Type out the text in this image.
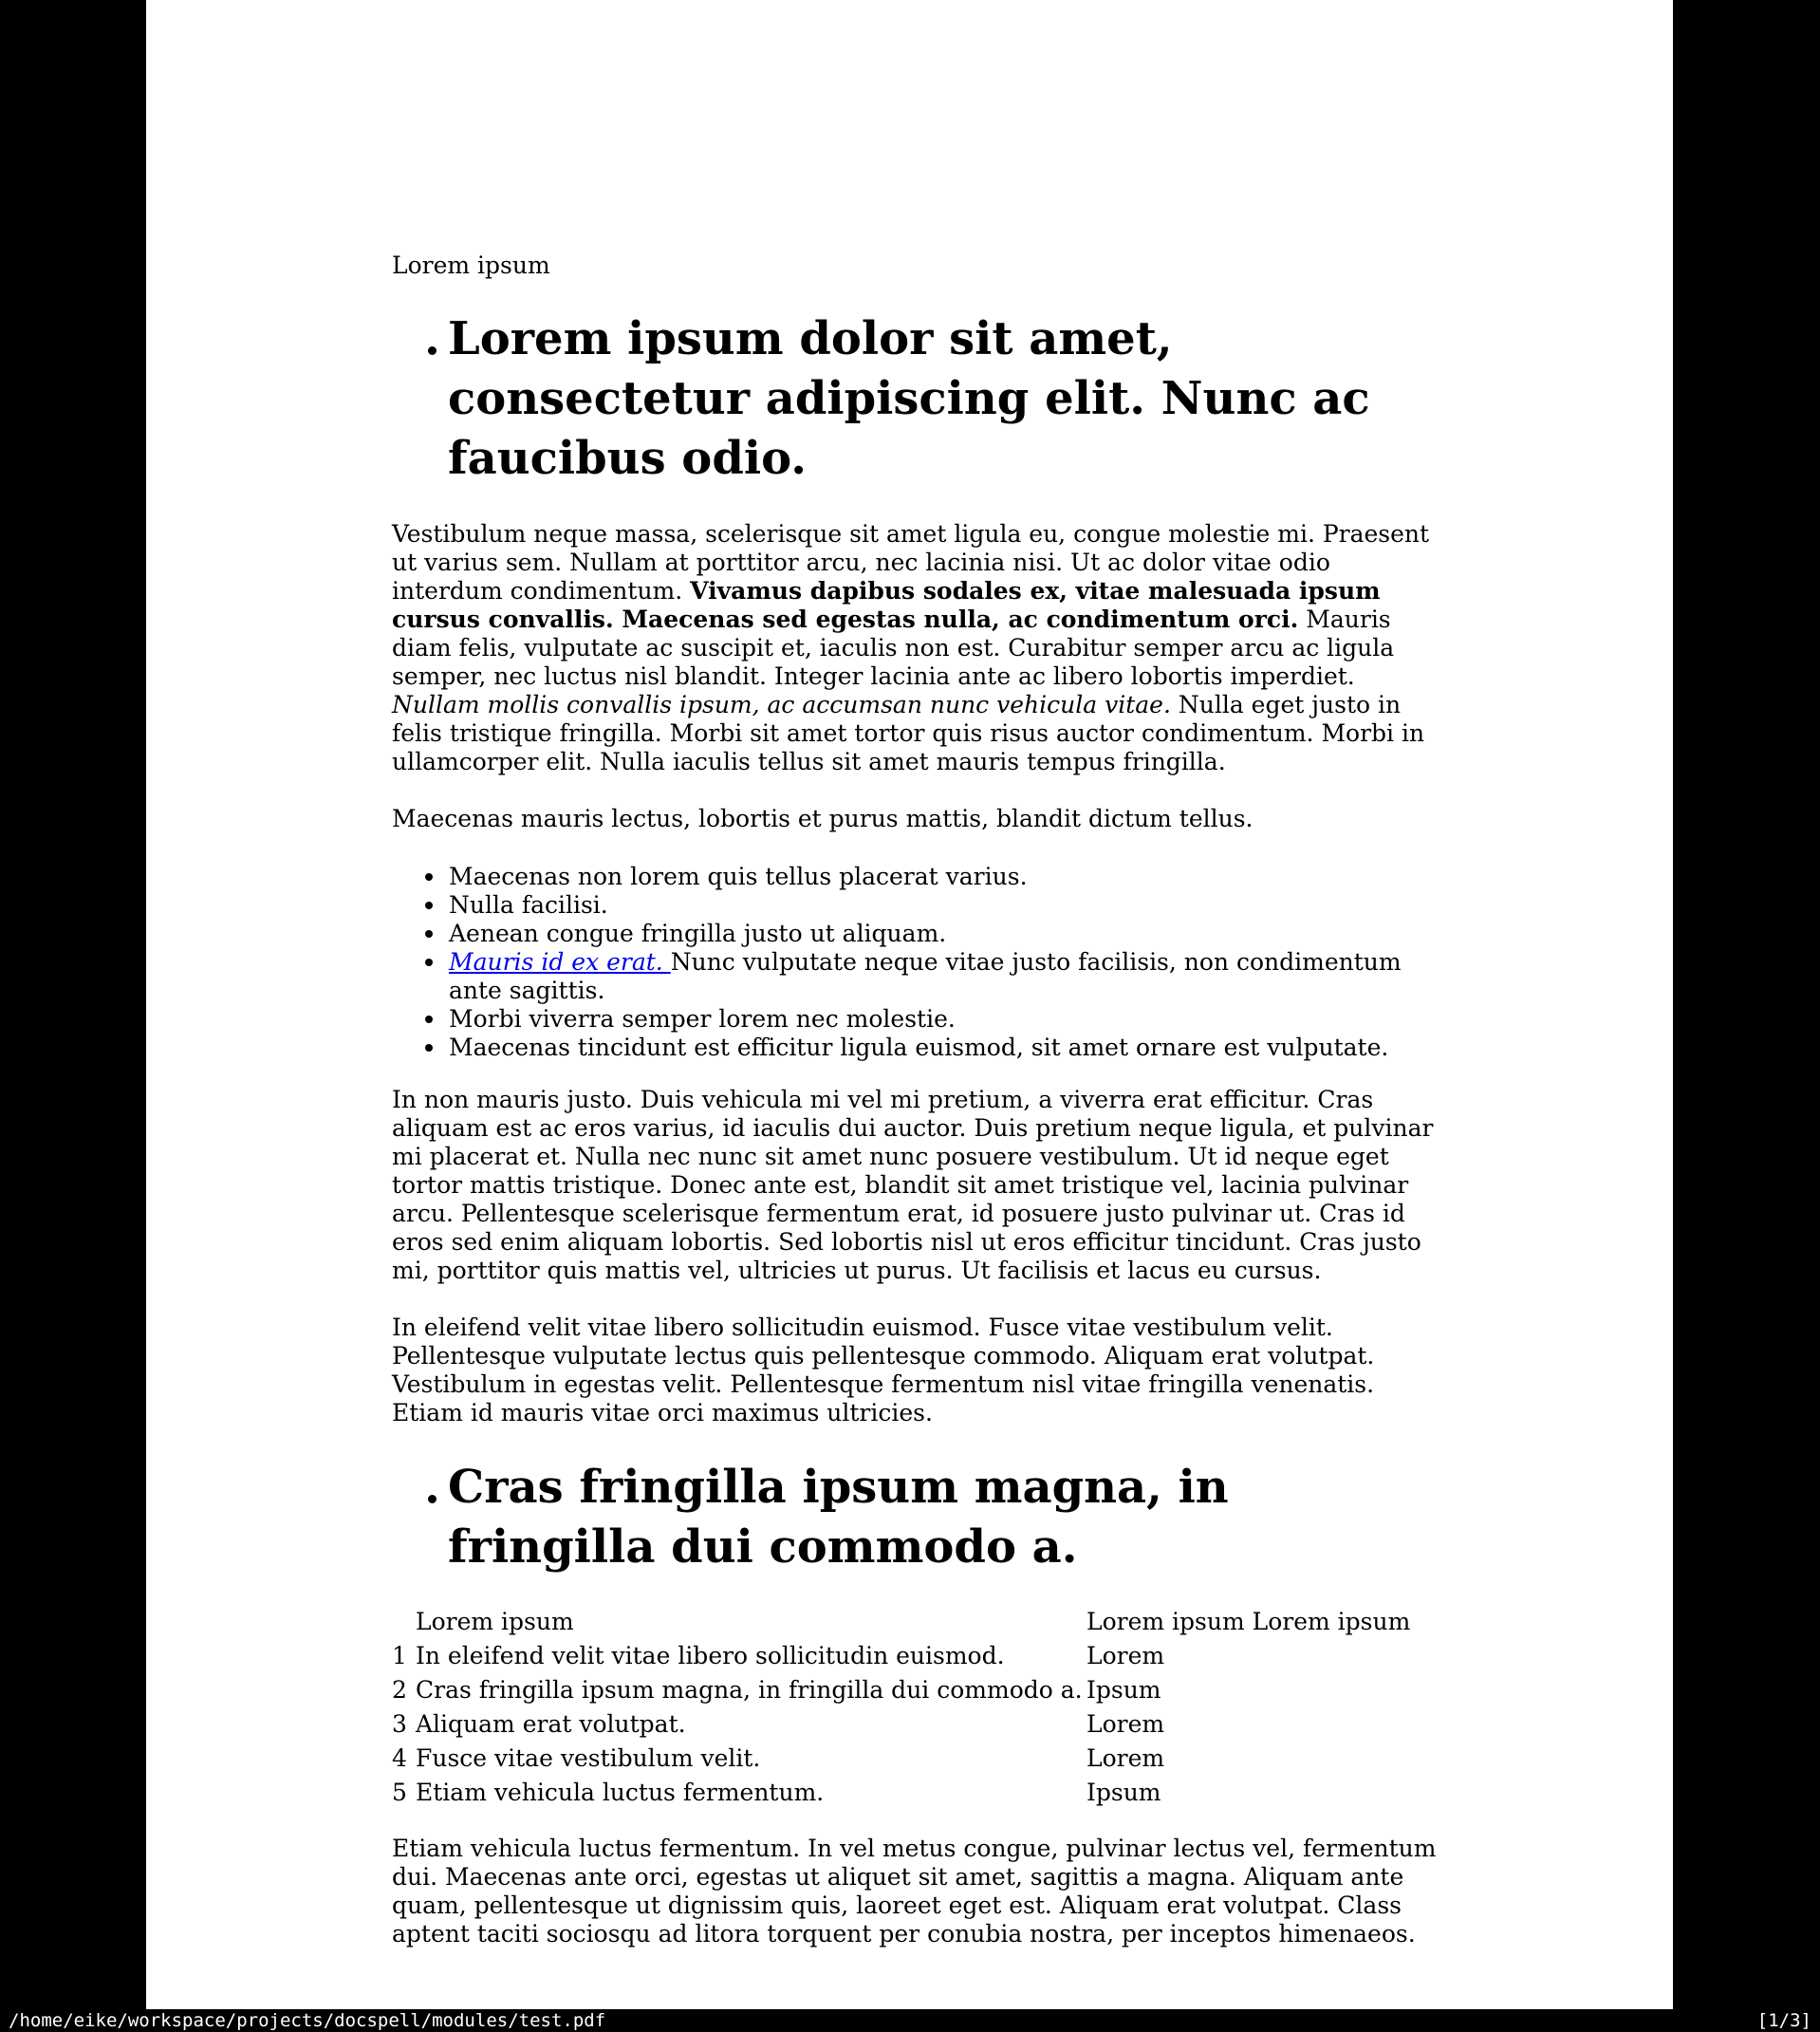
Lorem ipsum
Lorem ipsum dolor sit amet,
consectetur adipiscing elit. Nunc ac
faucibus odio.
Vestibulum neque massa, scelerisque sit amet ligula eu, congue molestie mi. Praesent
ut varius sem. Nullam at porttitor arcu, nec lacinia nisi. Ut ac dolor vitae odio
interdum condimentum. Vivamus dapibus sodales ex, vitae malesuada ipsum
cursus convallis. Maecenas sed egestas nulla, ac condimentum orci. Mauris
diam felis, vulputate ac suscipit et, iaculis non est. Curabitur semper arcu ac ligula
semper, nec luctus nisl blandit. Integer lacinia ante ac libero lobortis imperdiet.
Nullam mollis convallis ipsum, ac accumsan nunc vehicula vitae. Nulla eget justo in
felis tristique fringilla. Morbi sit amet tortor quis risus auctor condimentum. Morbi in
ullamcorper elit. Nulla iaculis tellus sit amet mauris tempus fringilla.
Maecenas mauris lectus, lobortis et purus mattis, blandit dictum tellus.
Maecenas non lorem quis tellus placerat varius.
Nulla facilisi.
Aenean congue fringilla justo ut aliquam.
Mauris id ex erat. Nunc vulputate neque vitae justo facilisis, non condimentum
ante sagittis.
Morbi viverra semper lorem nec molestie.
Maecenas tincidunt est efficitur ligula euismod, sit amet ornare est vulputate.
In non mauris justo. Duis vehicula mi vel mi pretium, a viverra erat efficitur. Cras
aliquam est ac eros varius, id iaculis dui auctor. Duis pretium neque ligula, et pulvinar
mi placerat et. Nulla nec nunc sit amet nunc posuere vestibulum. Ut id neque eget
tortor mattis tristique. Donec ante est, blandit sit amet tristique vel, lacinia pulvinar
arcu. Pellentesque scelerisque fermentum erat, id posuere justo pulvinar ut. Cras id
eros sed enim aliquam lobortis. Sed lobortis nisl ut eros efficitur tincidunt. Cras justo
mi, porttitor quis mattis vel, ultricies ut purus. Ut facilisis et lacus eu cursus.
In eleifend velit vitae libero sollicitudin euismod. Fusce vitae vestibulum velit.
Pellentesque vulputate lectus quis pellentesque commodo. Aliquam erat volutpat.
Vestibulum in egestas velit. Pellentesque fermentum nisl vitae fringilla venenatis.
Etiam id mauris vitae orci maximus ultricies.
Cras fringilla ipsum magna, in
fringilla dui commodo a.
Lorem ipsum	Lorem ipsum Lorem ipsum
1 In eleifend velit vitae libero sollicitudin euismod.	Lorem
2 Cras fringilla ipsum magna, in fringilla dui commodo a. Ipsum
3 Aliquam erat volutpat.	Lorem
4 Fusce vitae vestibulum velit.	Lorem
5 Etiam vehicula luctus fermentum.	Ipsum
Etiam vehicula luctus fermentum. In vel metus congue, pulvinar lectus vel, fermentum
dui. Maecenas ante orci, egestas ut aliquet sit amet, sagittis a magna. Aliquam ante
quam, pellentesque ut dignissim quis, laoreet eget est. Aliquam erat volutpat. Class
aptent taciti sociosqu ad litora torquent per conubia nostra, per inceptos himenaeos.
/home/eike/workspace/projects/docspell/modules/test.pdf	[1/3]
